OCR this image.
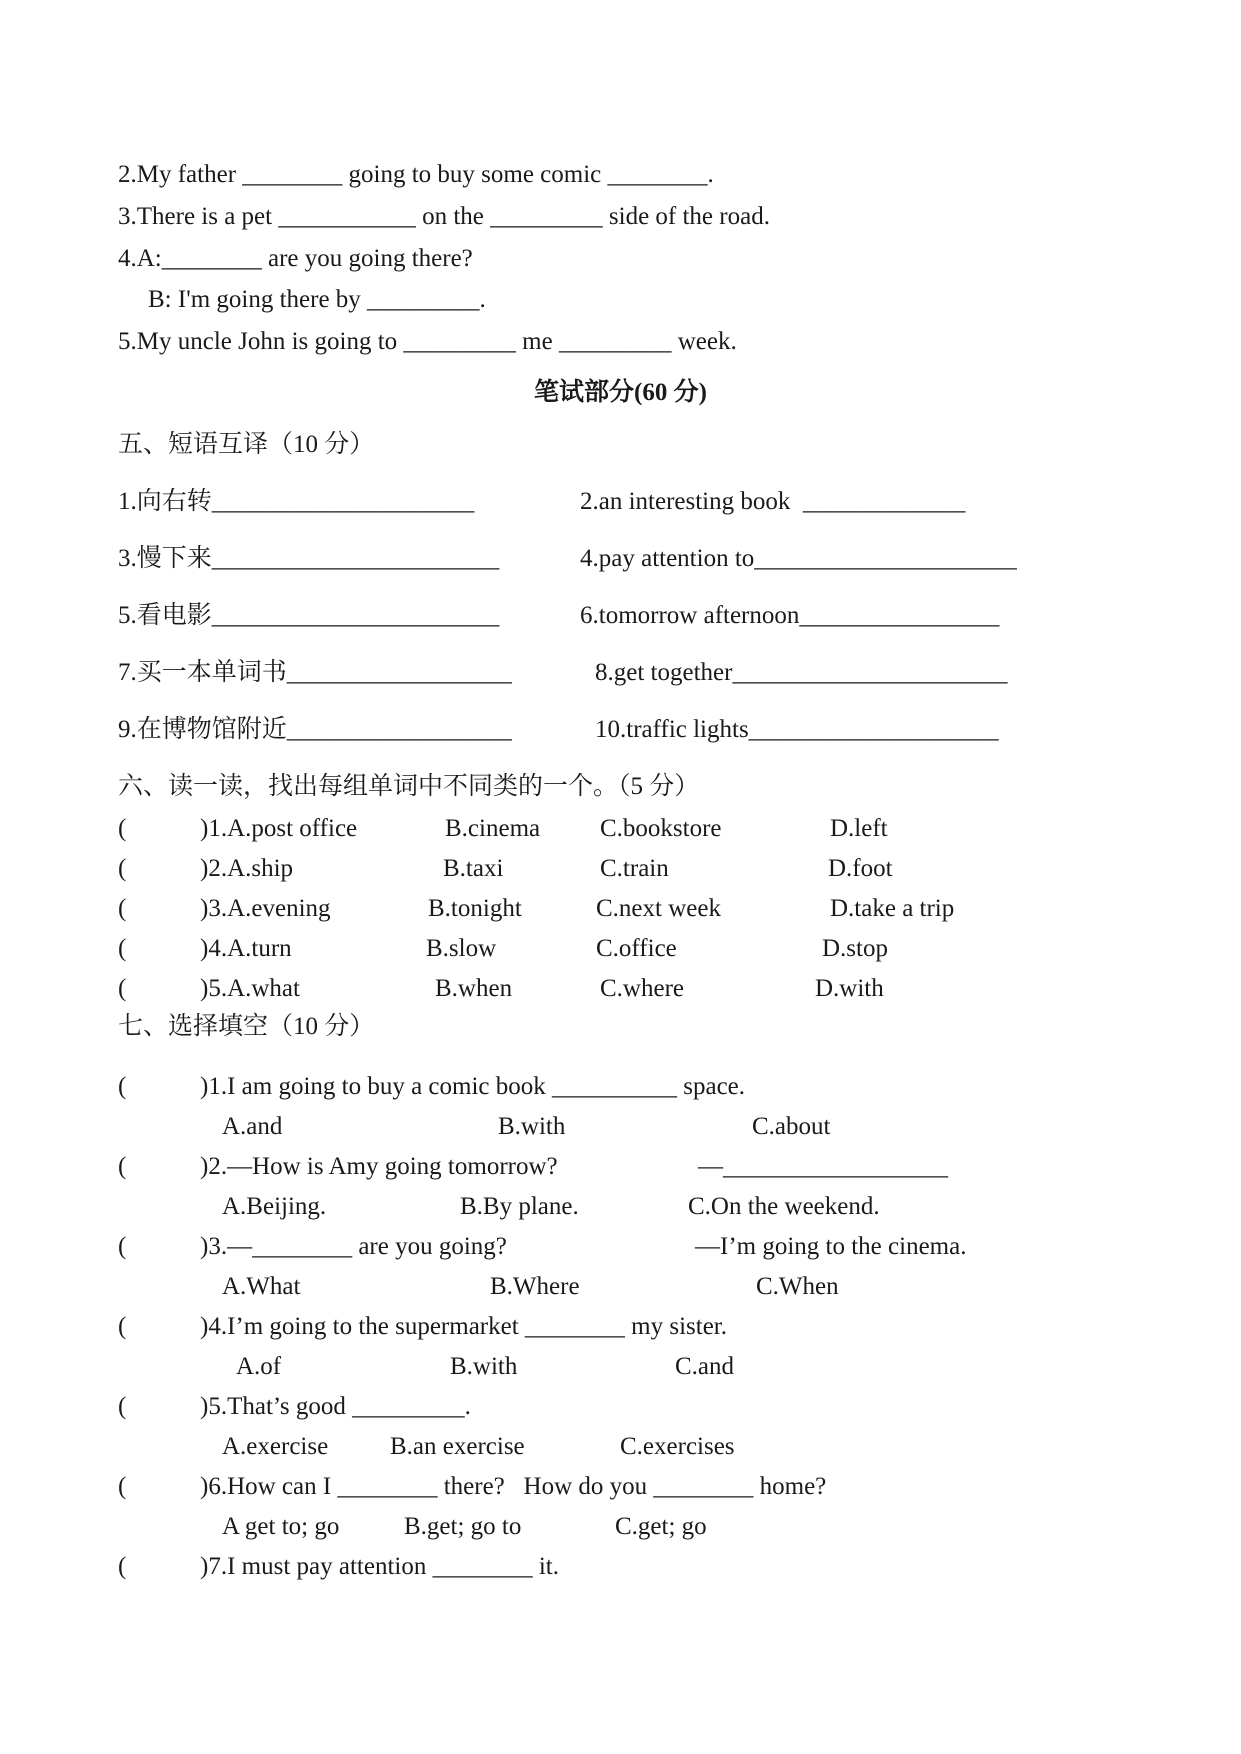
2.My father ________ going to buy some comic ________.
3.There is a pet ___________ on the _________ side of the road.
4.A:________ are you going there?
B: I'm going there by _________.
5.My uncle John is going to _________ me _________ week.
笔试部分(60 分)
五、短语互译（10 分）
1.向右转_____________________	2.an interesting book  _____________
3.慢下来_______________________	4.pay attention to_____________________
5.看电影_______________________	6.tomorrow afternoon________________
7.买一本单词书__________________	8.get together______________________
9.在博物馆附近__________________	10.traffic lights____________________
六、读一读，找出每组单词中不同类的一个。（5 分）

(

	)1.A.post office

	B.cinema

C.bookstore

	D.left

(

	)2.A.ship

	B.taxi

	C.train

	D.foot

(

	)3.A.evening

	B.tonight

	C.next week

	D.take a trip

(

	)4.A.turn

	B.slow

	C.office

	D.stop

(

	)5.A.what

	B.when

	C.where

	D.with

七、选择填空（10 分）

(

	)1.I am going to buy a comic book __________ space.

A.and

	B.with

	C.about

(

	)2.—How is Amy going tomorrow?

	—__________________

A.Beijing.

	B.By plane.

	C.On the weekend.

(

	)3.—________ are you going?

	—I’m going to the cinema.

A.What

	B.Where

	C.When

(

	)4.I’m going to the supermarket ________ my sister.

A.of

	B.with

	C.and

(

	)5.That’s good _________.

A.exercise

B.an exercise

	C.exercises

(

	)6.How can I ________ there?   How do you ________ home?

A get to; go

	B.get; go to

	C.get; go

(

	)7.I must pay attention ________ it.
